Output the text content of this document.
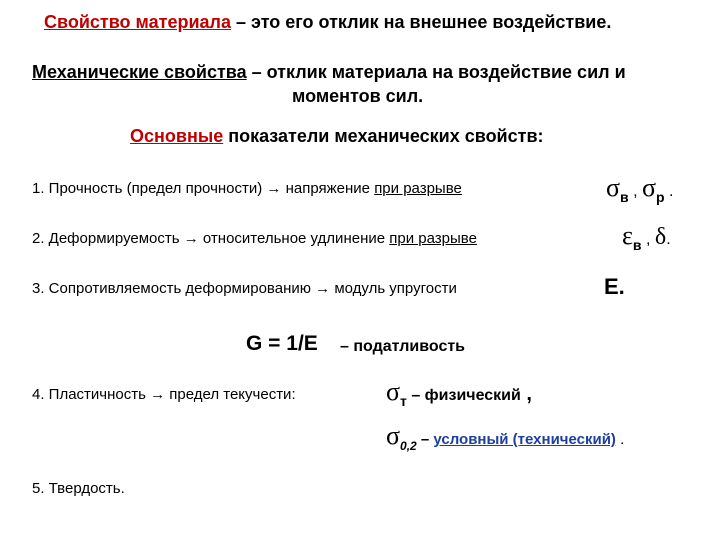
Свойство материала – это его отклик на внешнее воздействие.
Механические свойства – отклик материала на воздействие сил и
моментов сил.
Основные показатели механических свойств:
1. Прочность (предел прочности) → напряжение при разрыве	$\sigma_в$ , $\sigma_р$ .
2. Деформируемость → относительное удлинение при разрыве	$\varepsilon_в$ , δ.
3. Сопротивляемость деформированию → модуль упругости	Е.
G = 1/E – податливость
4. Пластичность → предел текучести:	$\sigma_т$ – физический ,
$\sigma_{0,2}$ – условный (технический) .
5. Твердость.
